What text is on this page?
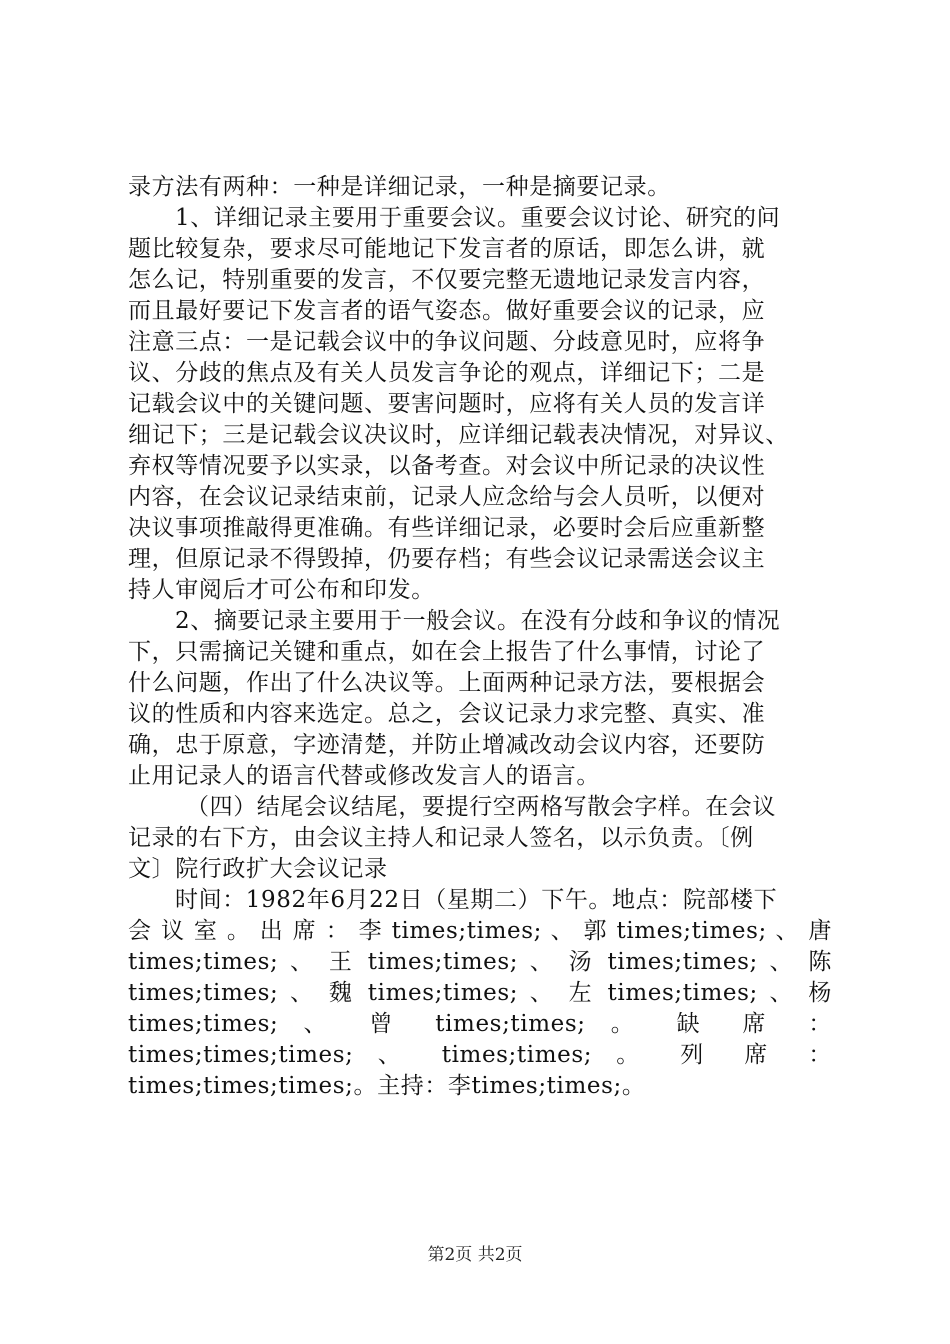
录方法有两种：一种是详细记录，一种是摘要记录。
1、详细记录主要用于重要会议。重要会议讨论、研究的问
题比较复杂，要求尽可能地记下发言者的原话，即怎么讲，就
怎么记，特别重要的发言，不仅要完整无遗地记录发言内容，
而且最好要记下发言者的语气姿态。做好重要会议的记录，应
注意三点：一是记载会议中的争议问题、分歧意见时，应将争
议、分歧的焦点及有关人员发言争论的观点，详细记下；二是
记载会议中的关键问题、要害问题时，应将有关人员的发言详
细记下；三是记载会议决议时，应详细记载表决情况，对异议、
弃权等情况要予以实录，以备考查。对会议中所记录的决议性
内容，在会议记录结束前，记录人应念给与会人员听，以便对
决议事项推敲得更准确。有些详细记录，必要时会后应重新整
理，但原记录不得毁掉，仍要存档；有些会议记录需送会议主
持人审阅后才可公布和印发。
2、摘要记录主要用于一般会议。在没有分歧和争议的情况
下，只需摘记关键和重点，如在会上报告了什么事情，讨论了
什么问题，作出了什么决议等。上面两种记录方法，要根据会
议的性质和内容来选定。总之，会议记录力求完整、真实、准
确，忠于原意，字迹清楚，并防止增减改动会议内容，还要防
止用记录人的语言代替或修改发言人的语言。
（四）结尾会议结尾，要提行空两格写散会字样。在会议
记录的右下方，由会议主持人和记录人签名，以示负责。〔例
文〕院行政扩大会议记录
时间：1982年6月22日（星期二）下午。地点：院部楼下
会 议 室 。 出 席 ： 李 times;times; 、 郭 times;times; 、 唐
times;times; 、 王 times;times; 、 汤 times;times; 、 陈
times;times; 、 魏 times;times; 、 左 times;times; 、 杨
times;times; 、 曾 times;times; 。 缺 席 ：
times;times;times; 、 times;times; 。 列 席 ：
times;times;times;。主持：李times;times;。
第2页 共2页
